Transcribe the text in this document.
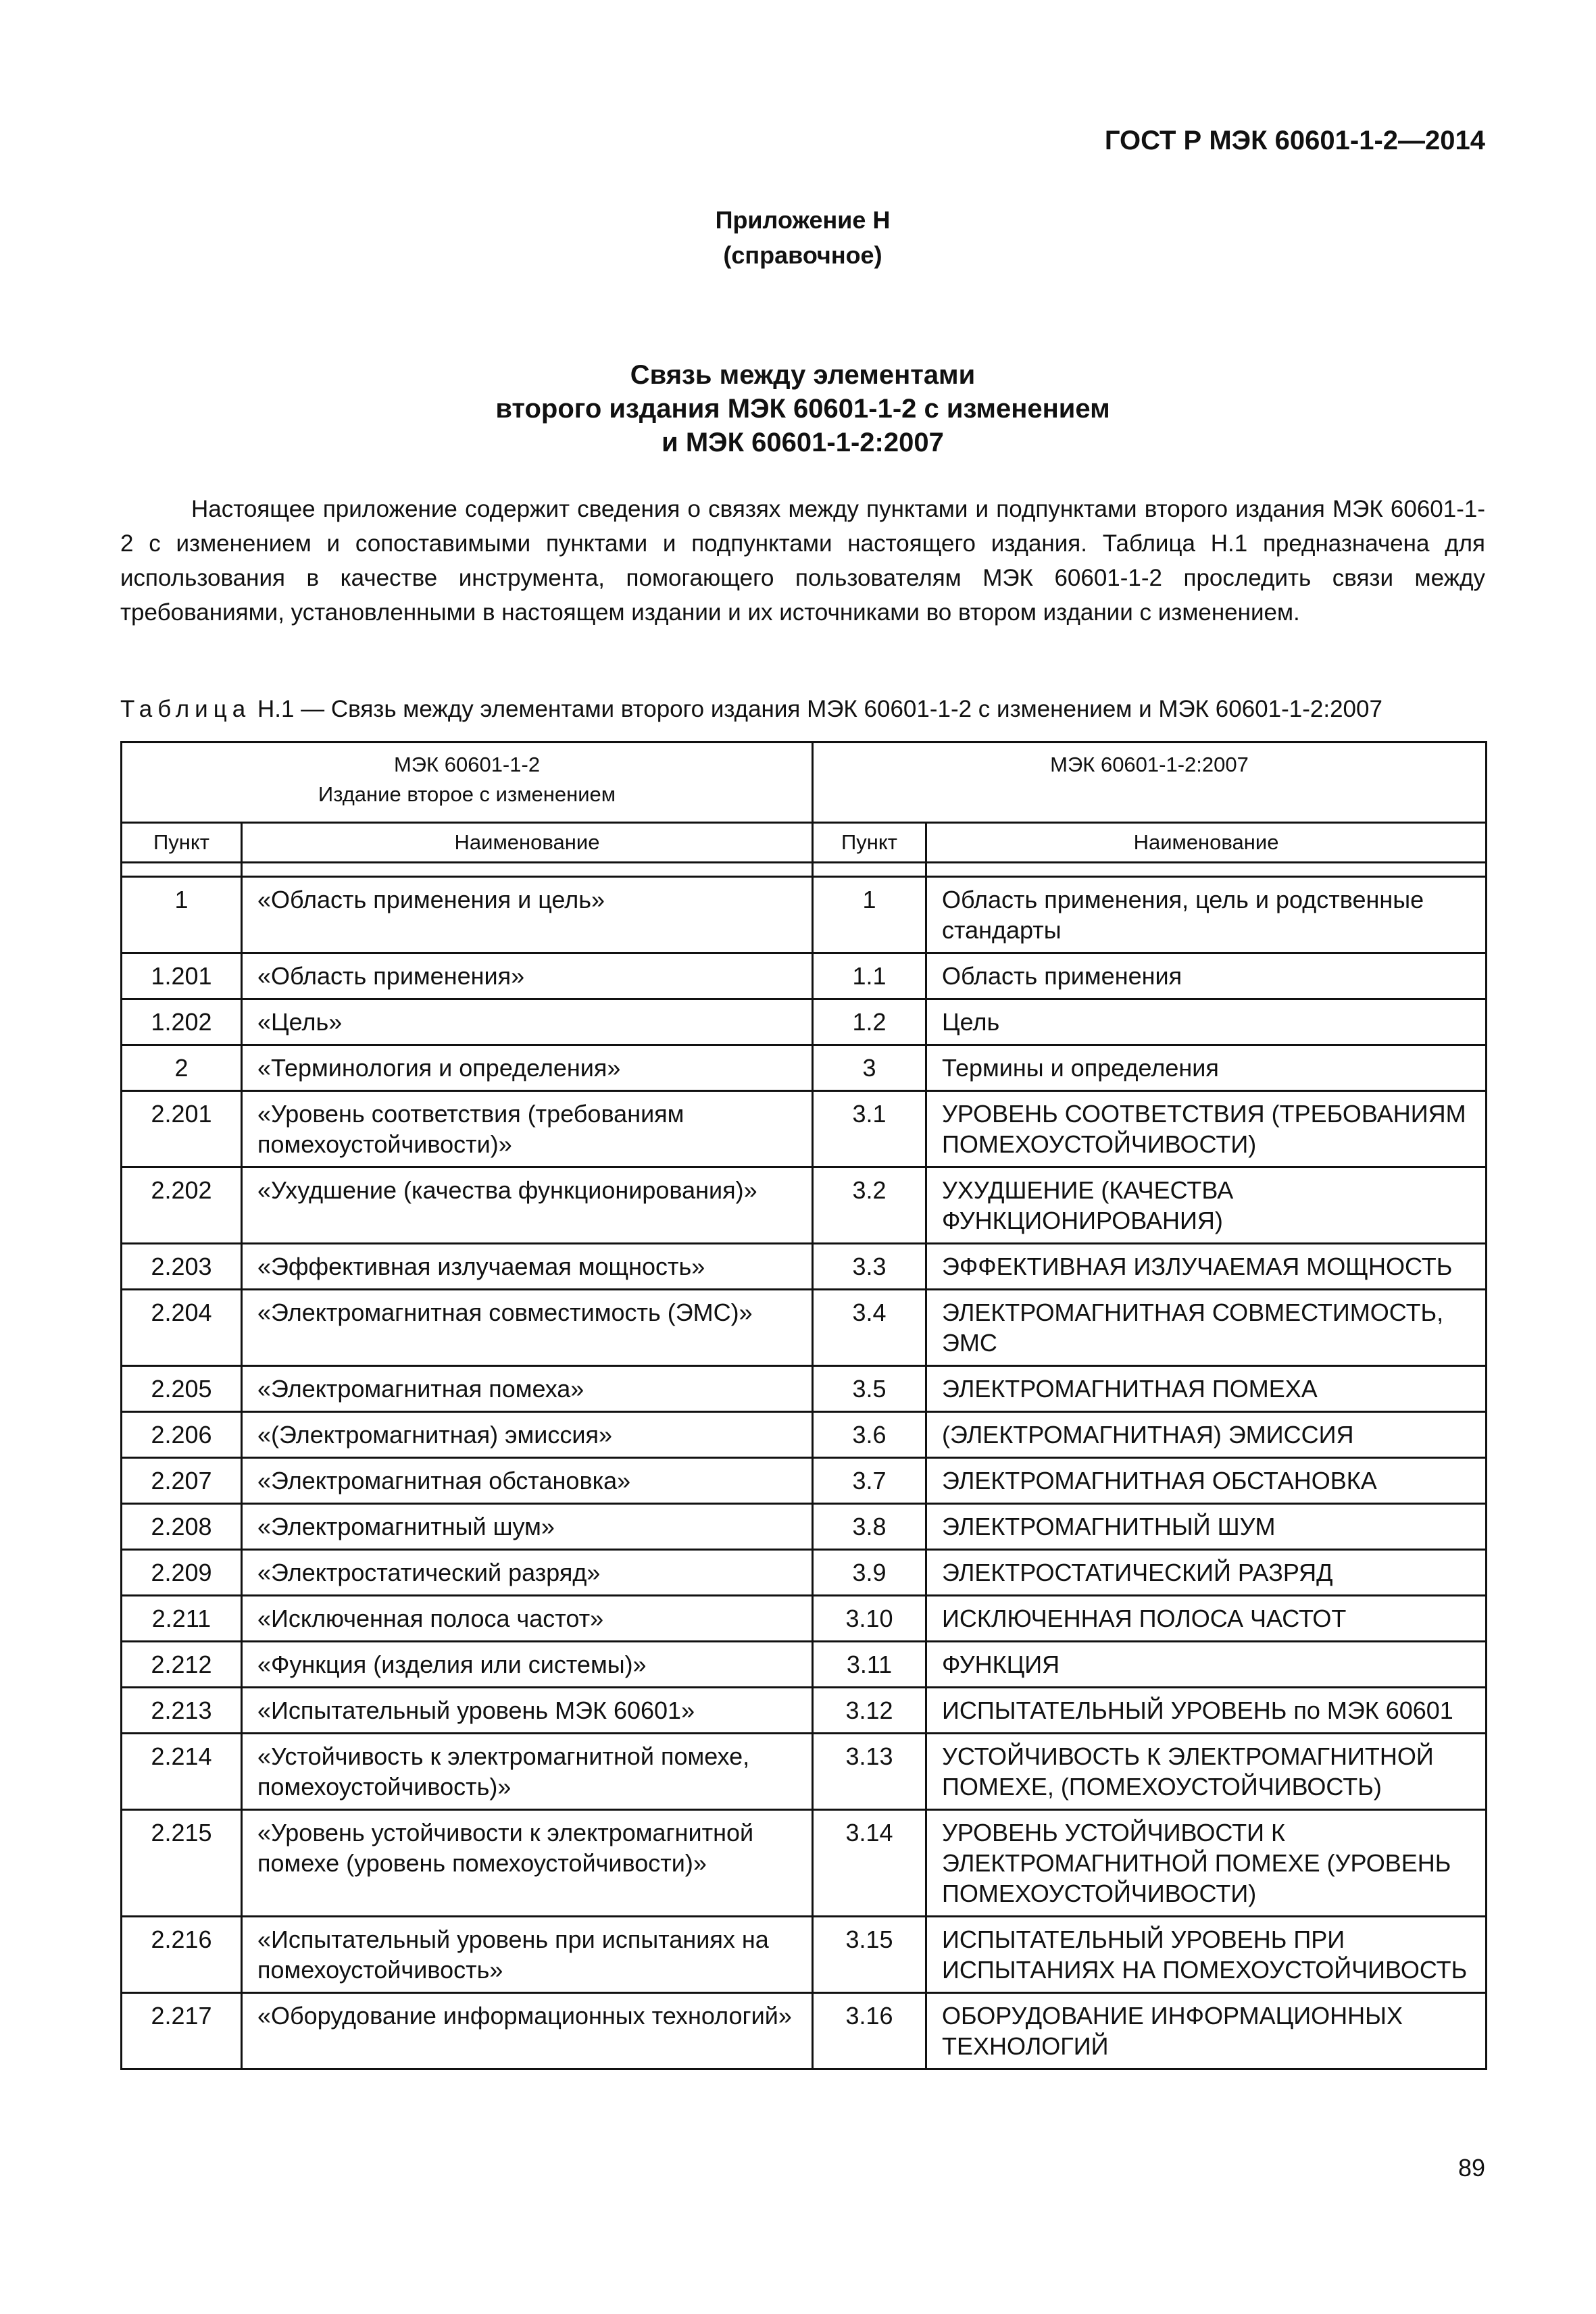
ГОСТ Р МЭК 60601-1-2—2014
Приложение Н
(справочное)
Связь между элементами
второго издания МЭК 60601-1-2 с изменением
и МЭК 60601-1-2:2007

Настоящее приложение содержит сведения о связях между пунктами и подпунктами второго издания МЭК 60601-1-2 с изменением и сопоставимыми пунктами и подпунктами настоящего издания. Таблица Н.1 предназначена для использования в качестве инструмента, помогающего пользователям МЭК 60601-1-2 проследить связи между требованиями, установленными в настоящем издании и их источниками во втором издании с изменением.

Таблица Н.1 — Связь между элементами второго издания МЭК 60601-1-2 с изменением и МЭК 60601-1-2:2007
МЭК 60601-1-2
Издание второе с изменением		МЭК 60601-1-2:2007	
Пункт	Наименование	Пункт	Наименование

1	«Область применения и цель»	1	Область применения, цель и родственные стандарты
1.201	«Область применения»	1.1	Область применения
1.202	«Цель»	1.2	Цель
2	«Терминология и определения»	3	Термины и определения
2.201	«Уровень соответствия (требованиям помехоустойчивости)»	3.1	УРОВЕНЬ СООТВЕТСТВИЯ (ТРЕБОВАНИЯМ ПОМЕХОУСТОЙЧИВОСТИ)
2.202	«Ухудшение (качества функционирования)»	3.2	УХУДШЕНИЕ (КАЧЕСТВА ФУНКЦИОНИРОВАНИЯ)
2.203	«Эффективная излучаемая мощность»	3.3	ЭФФЕКТИВНАЯ ИЗЛУЧАЕМАЯ МОЩНОСТЬ
2.204	«Электромагнитная совместимость (ЭМС)»	3.4	ЭЛЕКТРОМАГНИТНАЯ СОВМЕСТИМОСТЬ, ЭМС
2.205	«Электромагнитная помеха»	3.5	ЭЛЕКТРОМАГНИТНАЯ ПОМЕХА
2.206	«(Электромагнитная) эмиссия»	3.6	(ЭЛЕКТРОМАГНИТНАЯ) ЭМИССИЯ
2.207	«Электромагнитная обстановка»	3.7	ЭЛЕКТРОМАГНИТНАЯ ОБСТАНОВКА
2.208	«Электромагнитный шум»	3.8	ЭЛЕКТРОМАГНИТНЫЙ ШУМ
2.209	«Электростатический разряд»	3.9	ЭЛЕКТРОСТАТИЧЕСКИЙ РАЗРЯД
2.211	«Исключенная полоса частот»	3.10	ИСКЛЮЧЕННАЯ ПОЛОСА ЧАСТОТ
2.212	«Функция (изделия или системы)»	3.11	ФУНКЦИЯ
2.213	«Испытательный уровень МЭК 60601»	3.12	ИСПЫТАТЕЛЬНЫЙ УРОВЕНЬ по МЭК 60601
2.214	«Устойчивость к электромагнитной помехе, помехоустойчивость)»	3.13	УСТОЙЧИВОСТЬ К ЭЛЕКТРОМАГНИТНОЙ ПОМЕХЕ, (ПОМЕХОУСТОЙЧИВОСТЬ)
2.215	«Уровень устойчивости к электромагнитной помехе (уровень помехоустойчивости)»	3.14	УРОВЕНЬ УСТОЙЧИВОСТИ К ЭЛЕКТРОМАГНИТНОЙ ПОМЕХЕ (УРОВЕНЬ ПОМЕХОУСТОЙЧИВОСТИ)
2.216	«Испытательный уровень при испытаниях на помехоустойчивость»	3.15	ИСПЫТАТЕЛЬНЫЙ УРОВЕНЬ ПРИ ИСПЫТАНИЯХ НА ПОМЕХОУСТОЙЧИВОСТЬ
2.217	«Оборудование информационных технологий»	3.16	ОБОРУДОВАНИЕ ИНФОРМАЦИОННЫХ ТЕХНОЛОГИЙ
89
